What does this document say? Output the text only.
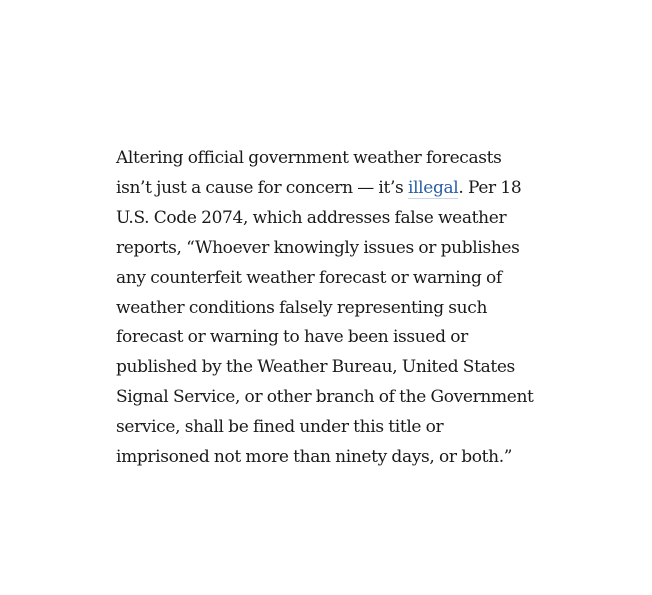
Altering official government weather forecasts isn’t just a cause for concern — it’s illegal. Per 18 U.S. Code 2074, which addresses false weather reports, “Whoever knowingly issues or publishes any counterfeit weather forecast or warning of weather conditions falsely representing such forecast or warning to have been issued or published by the Weather Bureau, United States Signal Service, or other branch of the Government service, shall be fined under this title or imprisoned not more than ninety days, or both.”
